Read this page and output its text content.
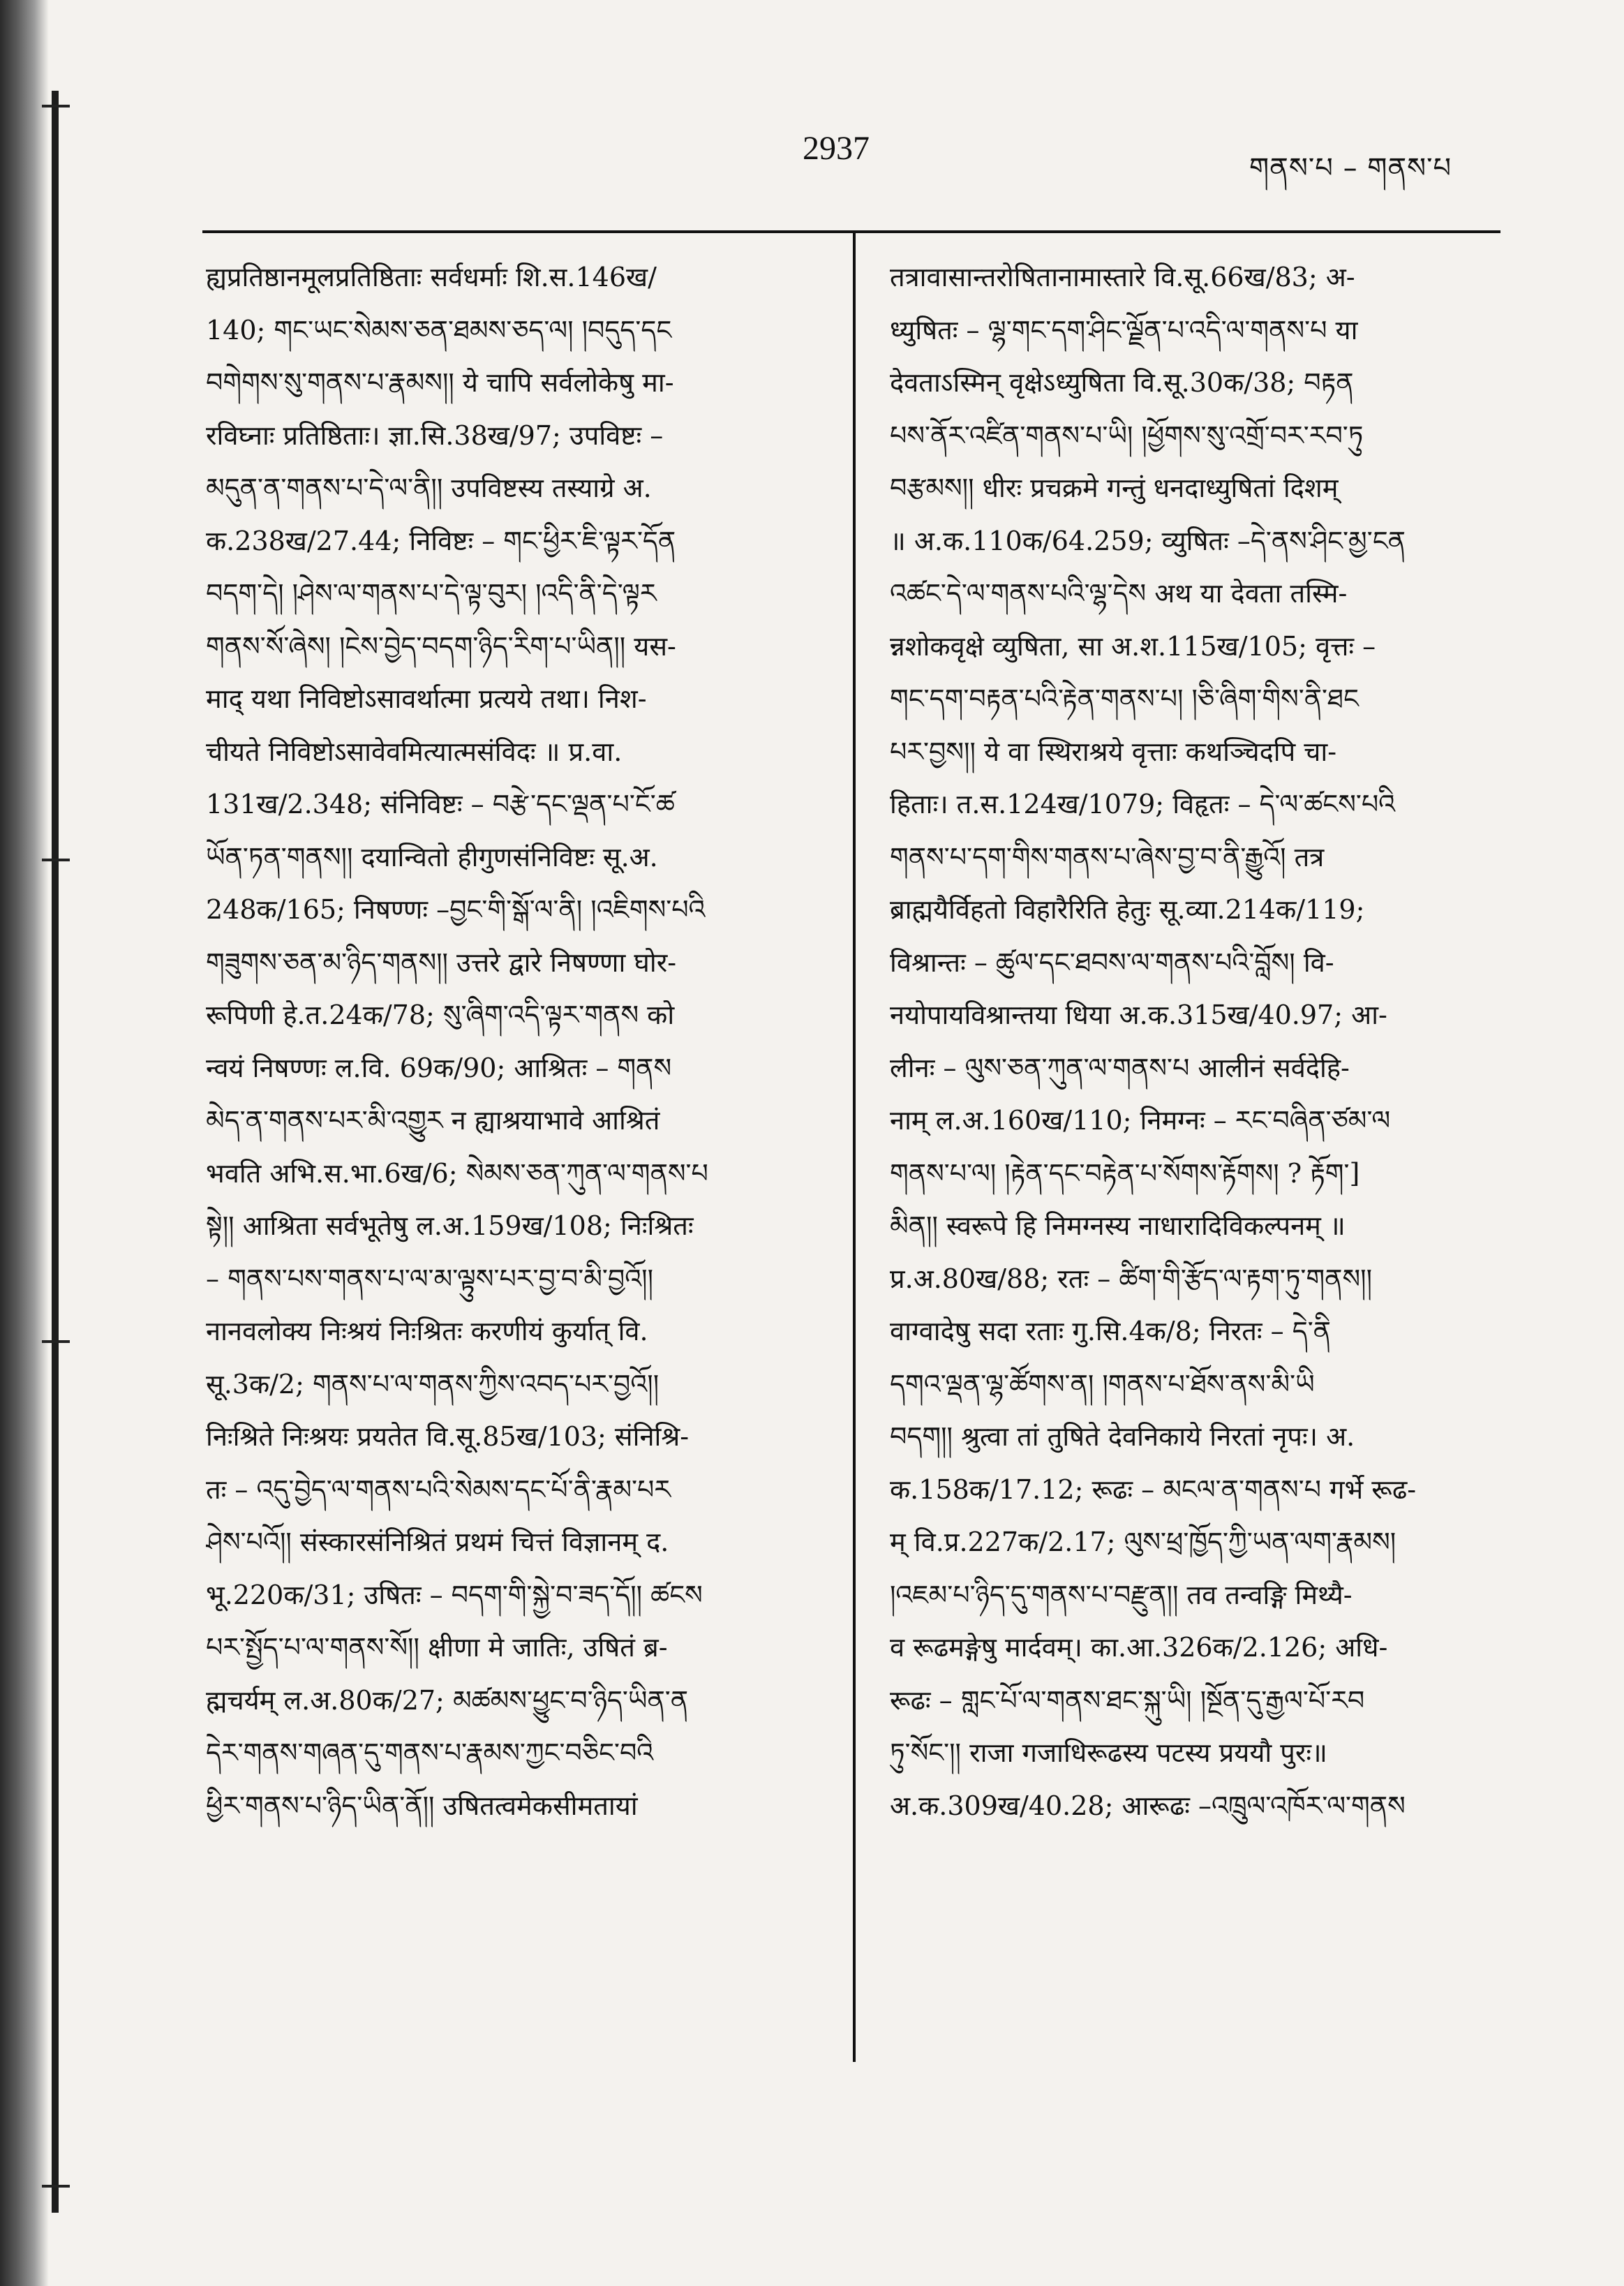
2937
གནས་པ – གནས་པ
ह्यप्रतिष्ठानमूलप्रतिष्ठिताः सर्वधर्माः शि.स.146ख/
140; གང་ཡང་སེམས་ཅན་ཐམས་ཅད་ལ། །བདུད་དང
བགེགས་སུ་གནས་པ་རྣམས།། ये चापि सर्वलोकेषु मा-
रविघ्नाः प्रतिष्ठिताः। ज्ञा.सि.38ख/97; उपविष्टः –
མདུན་ན་གནས་པ་དེ་ལ་ནི།། उपविष्टस्य तस्याग्रे अ.
क.238ख/27.44; निविष्टः – གང་ཕྱིར་ཇི་ལྟར་དོན
བདག་དེ། །ཤེས་ལ་གནས་པ་དེ་ལྟ་བུར། །འདི་ནི་དེ་ལྟར
གནས་སོ་ཞེས། །ངེས་བྱེད་བདག་ཉིད་རིག་པ་ཡིན།། यस-
माद् यथा निविष्टोऽसावर्थात्मा प्रत्यये तथा। निश-
चीयते निविष्टोऽसावेवमित्यात्मसंविदः ॥ प्र.वा.
131ख/2.348; संनिविष्टः – བརྩེ་དང་ལྡན་པ་ངོ་ཚ
ཡོན་ཏན་གནས།། दयान्वितो हीगुणसंनिविष्टः सू.अ.
248क/165; निषण्णः –བྱང་གི་སྒོ་ལ་ནི། །འཇིགས་པའི
གཟུགས་ཅན་མ་ཉིད་གནས།། उत्तरे द्वारे निषण्णा घोर-
रूपिणी हे.त.24क/78; སུ་ཞིག་འདི་ལྟར་གནས को
न्वयं निषण्णः ल.वि. 69क/90; आश्रितः – གནས
མེད་ན་གནས་པར་མི་འགྱུར न ह्याश्रयाभावे आश्रितं
भवति अभि.स.भा.6ख/6; སེམས་ཅན་ཀུན་ལ་གནས་པ
སྟེ།། आश्रिता सर्वभूतेषु ल.अ.159ख/108; निःश्रितः
– གནས་པས་གནས་པ་ལ་མ་ལྟུས་པར་བྱ་བ་མི་བྱའོ།།
नानवलोक्य निःश्रयं निःश्रितः करणीयं कुर्यात् वि.
सू.3क/2; གནས་པ་ལ་གནས་ཀྱིས་འབད་པར་བྱའོ།།
निःश्रिते निःश्रयः प्रयतेत वि.सू.85ख/103; संनिश्रि-
तः – འདུ་བྱེད་ལ་གནས་པའི་སེམས་དང་པོ་ནི་རྣམ་པར
ཤེས་པའོ།། संस्कारसंनिश्रितं प्रथमं चित्तं विज्ञानम् द.
भू.220क/31; उषितः – བདག་གི་སྐྱེ་བ་ཟད་དོ།། ཚངས
པར་སྤྱོད་པ་ལ་གནས་སོ།། क्षीणा मे जातिः, उषितं ब्र-
ह्मचर्यम् ल.अ.80क/27; མཚམས་ཕྱུང་བ་ཉིད་ཡིན་ན
དེར་གནས་གཞན་དུ་གནས་པ་རྣམས་ཀྱང་བཅིང་བའི
ཕྱིར་གནས་པ་ཉིད་ཡིན་ནོ།། उषितत्वमेकसीमतायां
तत्रावासान्तरोषितानामास्तारे वि.सू.66ख/83; अ-
ध्युषितः – ལྷ་གང་དག་ཤིང་ལྗོན་པ་འདི་ལ་གནས་པ या
देवताऽस्मिन् वृक्षेऽध्युषिता वि.सू.30क/38; བརྟན
པས་ནོར་འཛིན་གནས་པ་ཡི། །ཕྱོགས་སུ་འགྲོ་བར་རབ་ཏུ
བརྩམས།། धीरः प्रचक्रमे गन्तुं धनदाध्युषितां दिशम्
॥ अ.क.110क/64.259; व्युषितः –དེ་ནས་ཤིང་མྱ་ངན
འཚང་དེ་ལ་གནས་པའི་ལྷ་དེས अथ या देवता तस्मि-
न्नशोकवृक्षे व्युषिता, सा अ.श.115ख/105; वृत्तः –
གང་དག་བརྟན་པའི་རྟེན་གནས་པ། །ཅི་ཞིག་གིས་ནི་ཐང
པར་བྱས།། ये वा स्थिराश्रये वृत्ताः कथञ्चिदपि चा-
हिताः। त.स.124ख/1079; विहृतः – དེ་ལ་ཚངས་པའི
གནས་པ་དག་གིས་གནས་པ་ཞེས་བྱ་བ་ནི་རྒྱུའོ། तत्र
ब्राह्मयैर्विहतो विहारैरिति हेतुः सू.व्या.214क/119;
विश्रान्तः – ཚུལ་དང་ཐབས་ལ་གནས་པའི་བློས། वि-
नयोपायविश्रान्तया धिया अ.क.315ख/40.97; आ-
लीनः – ལུས་ཅན་ཀུན་ལ་གནས་པ आलीनं सर्वदेहि-
नाम् ल.अ.160ख/110; निमग्नः – རང་བཞིན་ཙམ་ལ
གནས་པ་ལ། །རྟེན་དང་བརྟེན་པ་སོགས་རྟོགས། ? རྟོག་]
མིན།། स्वरूपे हि निमग्नस्य नाधारादिविकल्पनम् ॥
प्र.अ.80ख/88; रतः – ཚིག་གི་རྩོད་ལ་རྟག་ཏུ་གནས།།
वाग्वादेषु सदा रताः गु.सि.4क/8; निरतः – དེ་ནི
དགའ་ལྡན་ལྷ་ཚོགས་ན། །གནས་པ་ཐོས་ནས་མི་ཡི
བདག།། श्रुत्वा तां तुषिते देवनिकाये निरतां नृपः। अ.
क.158क/17.12; रूढः – མངལ་ན་གནས་པ गर्भे रूढ-
म् वि.प्र.227क/2.17; ལུས་ཕྲ་ཁྱོད་ཀྱི་ཡན་ལག་རྣམས།
།འཇམ་པ་ཉིད་དུ་གནས་པ་བརྫུན།། तव तन्वङ्गि मिथ्यै-
व रूढमङ्गेषु मार्दवम्। का.आ.326क/2.126; अधि-
रूढः – གླང་པོ་ལ་གནས་ཐང་སྐུ་ཡི། །སྔོན་དུ་རྒྱལ་པོ་རབ
ཏུ་སོང་།། राजा गजाधिरूढस्य पटस्य प्रययौ पुरः॥
अ.क.309ख/40.28; आरूढः –འཁྲུལ་འཁོར་ལ་གནས
